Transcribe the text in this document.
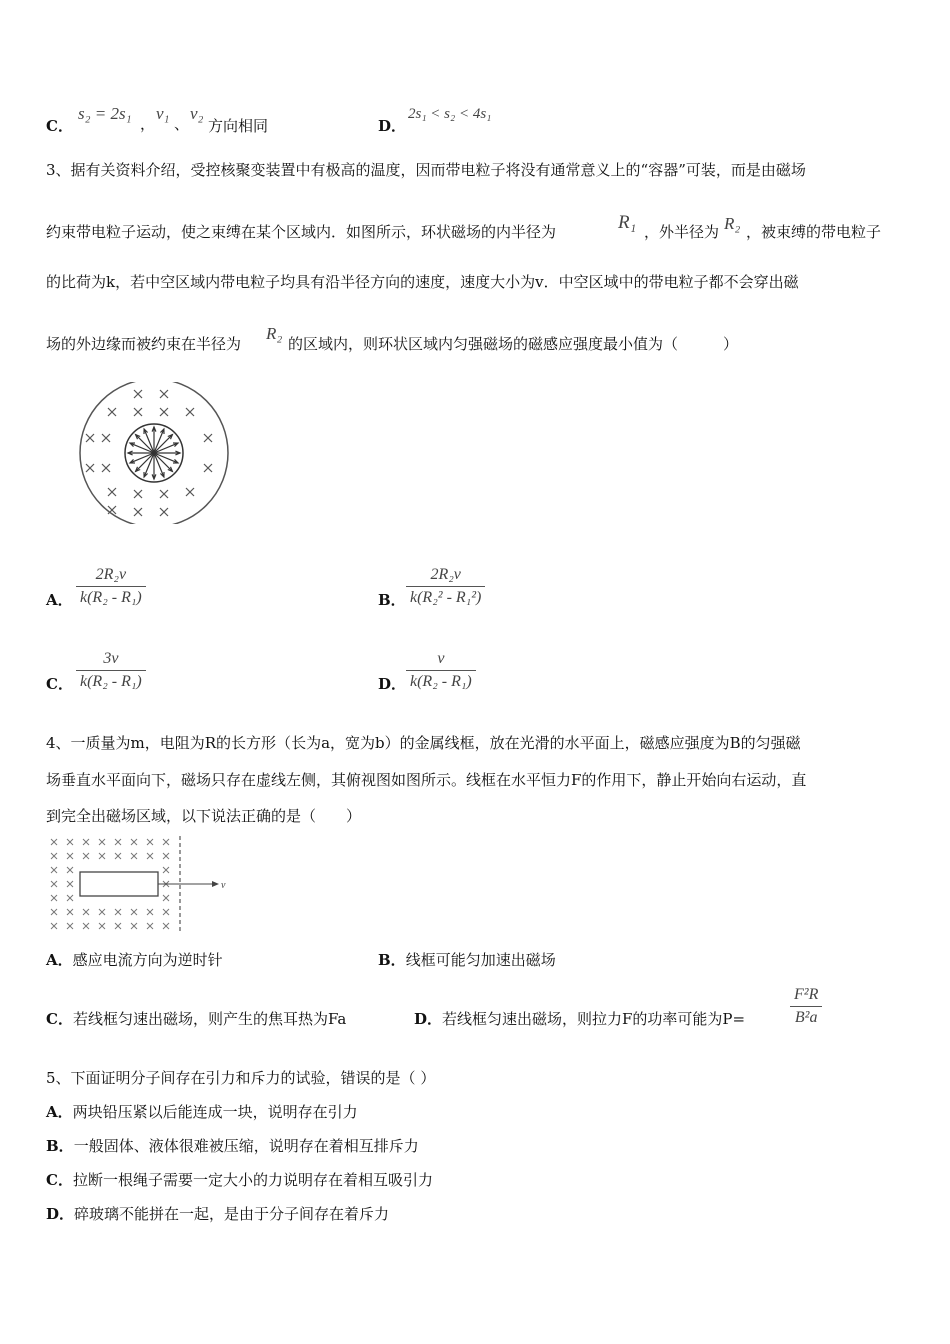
C．
s₂ = 2s₁
，
v₁
、
v₂
方向相同	D．
2s₁ < s₂ < 4s₁
3、据有关资料介绍，受控核聚变装置中有极高的温度，因而带电粒子将没有通常意义上的“容器”可装，而是由磁场
约束带电粒子运动，使之束缚在某个区域内．如图所示，环状磁场的内半径为	R₁ ，外半径为 R₂ ，被束缚的带电粒子
的比荷为k，若中空区域内带电粒子均具有沿半径方向的速度，速度大小为v．中空区域中的带电粒子都不会穿出磁
场的外边缘而被约束在半径为
R₂
的区域内，则环状区域内匀强磁场的磁感应强度最小值为（　　　）
A． $\frac{\text{2R₂v}}{\text{k(R₂ - R₁)}}$	B． $\frac{\text{2R₂v}}{\text{k(R₂² - R₁²)}}$
C． $\frac{3v}{\text{k(R₂ - R₁)}}$	D． $\frac{v}{\text{k(R₂ - R₁)}}$
4、一质量为m，电阻为R的长方形（长为a，宽为b）的金属线框，放在光滑的水平面上，磁感应强度为B的匀强磁
场垂直水平面向下，磁场只存在虚线左侧，其俯视图如图所示。线框在水平恒力F的作用下，静止开始向右运动，直
到完全出磁场区域，以下说法正确的是（　　）
v
A．感应电流方向为逆时针	B．线框可能匀加速出磁场
C．若线框匀速出磁场，则产生的焦耳热为Fa	D．若线框匀速出磁场，则拉力F的功率可能为P=	$\frac{\text{F²R}}{\text{B²a}}$
5、下面证明分子间存在引力和斥力的试验，错误的是（ ）
A．两块铅压紧以后能连成一块，说明存在引力
B．一般固体、液体很难被压缩，说明存在着相互排斥力
C．拉断一根绳子需要一定大小的力说明存在着相互吸引力
D．碎玻璃不能拼在一起，是由于分子间存在着斥力
